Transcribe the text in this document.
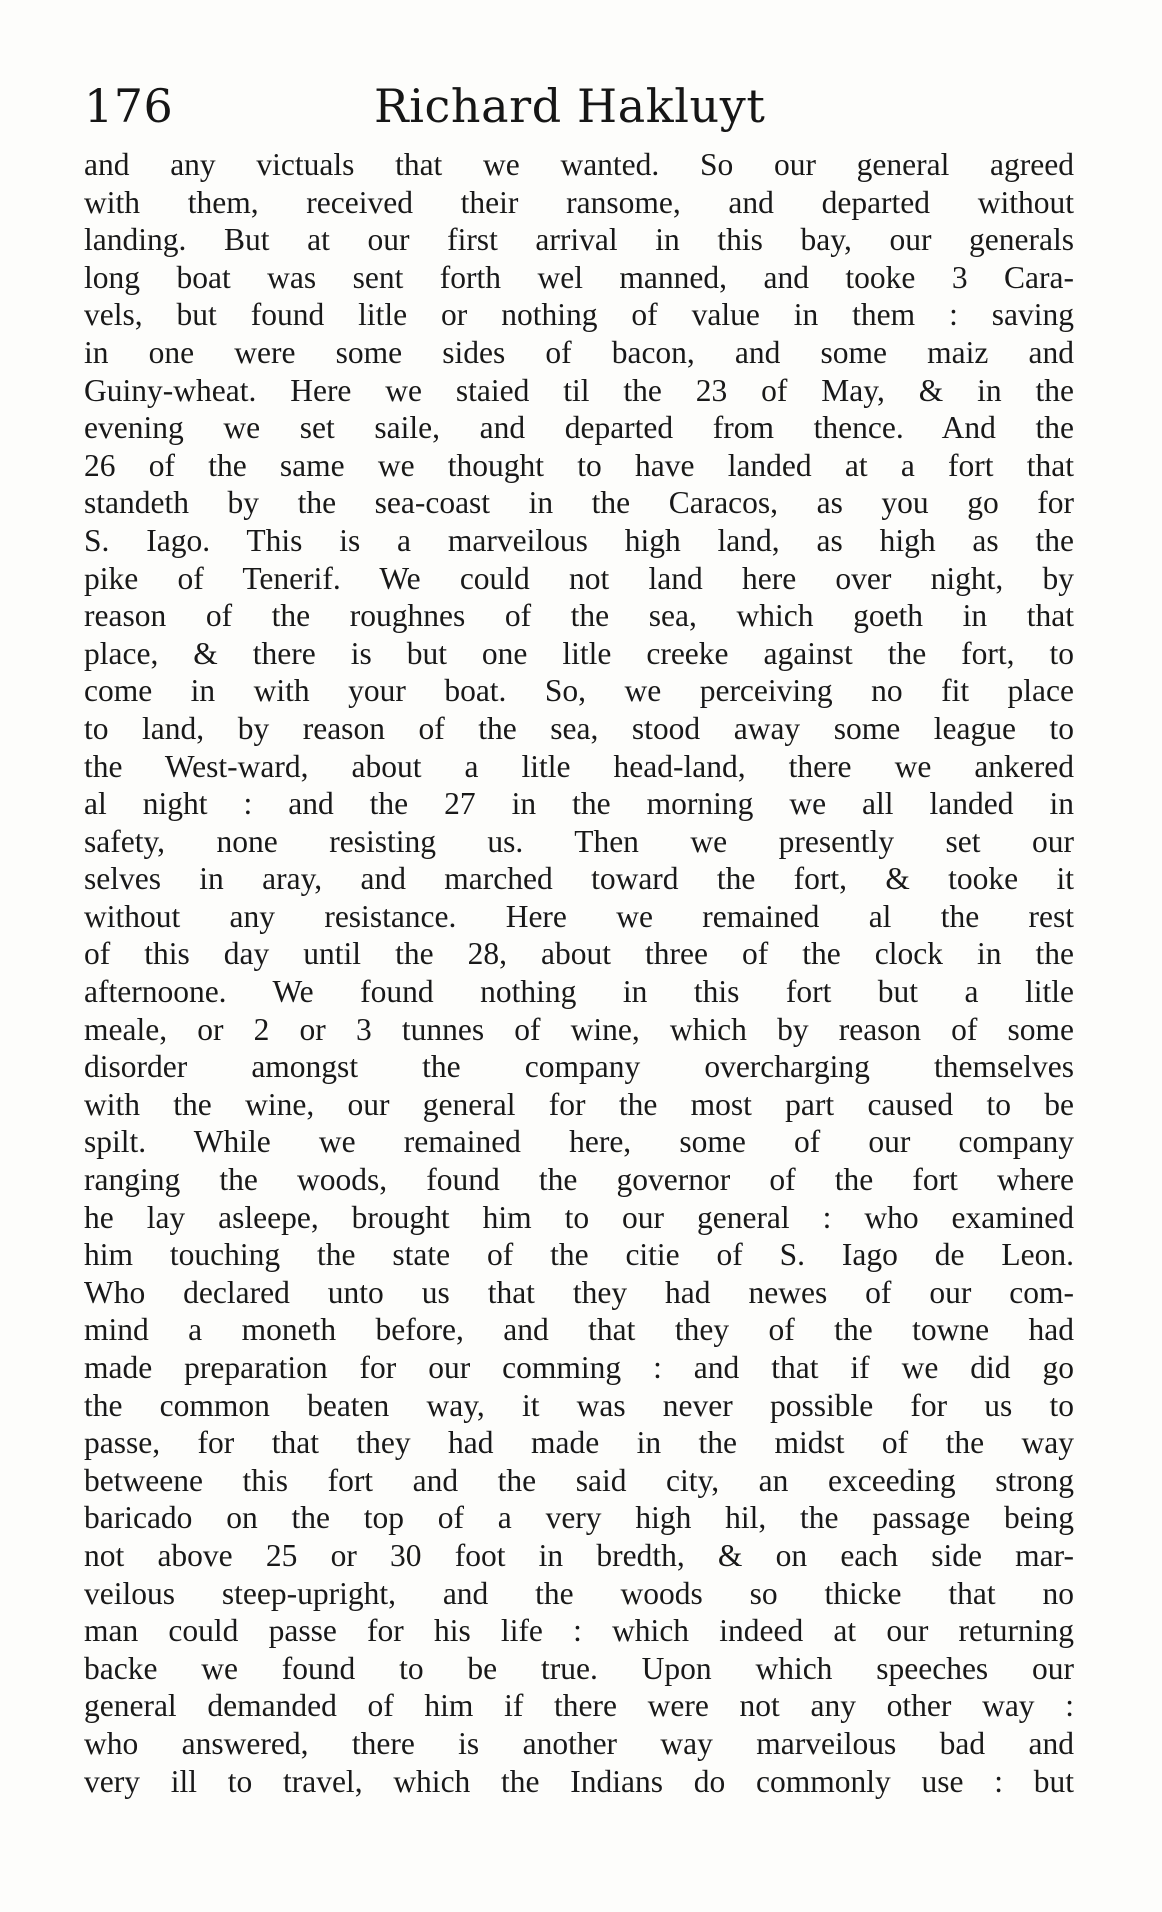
176	Richard Hakluyt
and any victuals that we wanted. So our general agreed
with them, received their ransome, and departed without
landing. But at our first arrival in this bay, our generals
long boat was sent forth wel manned, and tooke 3 Cara-
vels, but found litle or nothing of value in them : saving
in one were some sides of bacon, and some maiz and
Guiny-wheat. Here we staied til the 23 of May, & in the
evening we set saile, and departed from thence. And the
26 of the same we thought to have landed at a fort that
standeth by the sea-coast in the Caracos, as you go for
S. Iago. This is a marveilous high land, as high as the
pike of Tenerif. We could not land here over night, by
reason of the roughnes of the sea, which goeth in that
place, & there is but one litle creeke against the fort, to
come in with your boat. So, we perceiving no fit place
to land, by reason of the sea, stood away some league to
the West-ward, about a litle head-land, there we ankered
al night : and the 27 in the morning we all landed in
safety, none resisting us. Then we presently set our
selves in aray, and marched toward the fort, & tooke it
without any resistance. Here we remained al the rest
of this day until the 28, about three of the clock in the
afternoone. We found nothing in this fort but a litle
meale, or 2 or 3 tunnes of wine, which by reason of some
disorder amongst the company overcharging themselves
with the wine, our general for the most part caused to be
spilt. While we remained here, some of our company
ranging the woods, found the governor of the fort where
he lay asleepe, brought him to our general : who examined
him touching the state of the citie of S. Iago de Leon.
Who declared unto us that they had newes of our com-
mind a moneth before, and that they of the towne had
made preparation for our comming : and that if we did go
the common beaten way, it was never possible for us to
passe, for that they had made in the midst of the way
betweene this fort and the said city, an exceeding strong
baricado on the top of a very high hil, the passage being
not above 25 or 30 foot in bredth, & on each side mar-
veilous steep-upright, and the woods so thicke that no
man could passe for his life : which indeed at our returning
backe we found to be true. Upon which speeches our
general demanded of him if there were not any other way :
who answered, there is another way marveilous bad and
very ill to travel, which the Indians do commonly use : but
